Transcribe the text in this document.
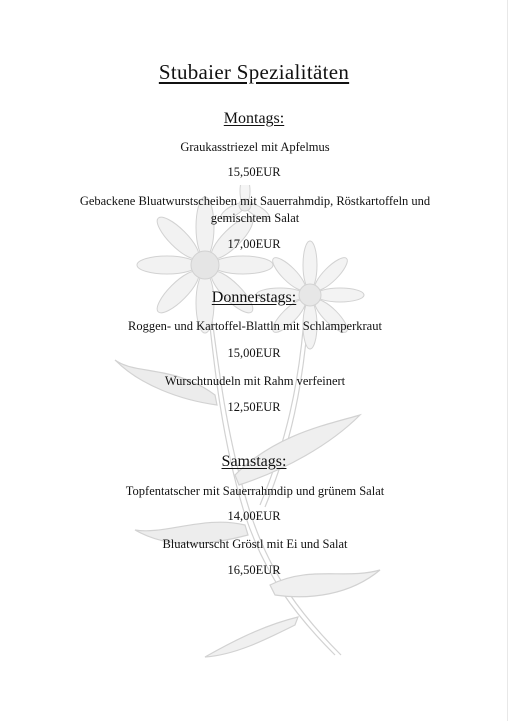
Stubaier Spezialitäten
Montags:
Graukasstriezel mit Apfelmus
15,50EUR
Gebackene Bluatwurstscheiben mit Sauerrahmdip, Röstkartoffeln und gemischtem Salat
17,00EUR
Donnerstags:
Roggen- und Kartoffel-Blattln mit Schlamperkraut
15,00EUR
Wurschtnudeln mit Rahm verfeinert
12,50EUR
Samstags:
Topfentatscher mit Sauerrahmdip und grünem Salat
14,00EUR
Bluatwurscht Gröstl mit Ei und Salat
16,50EUR
